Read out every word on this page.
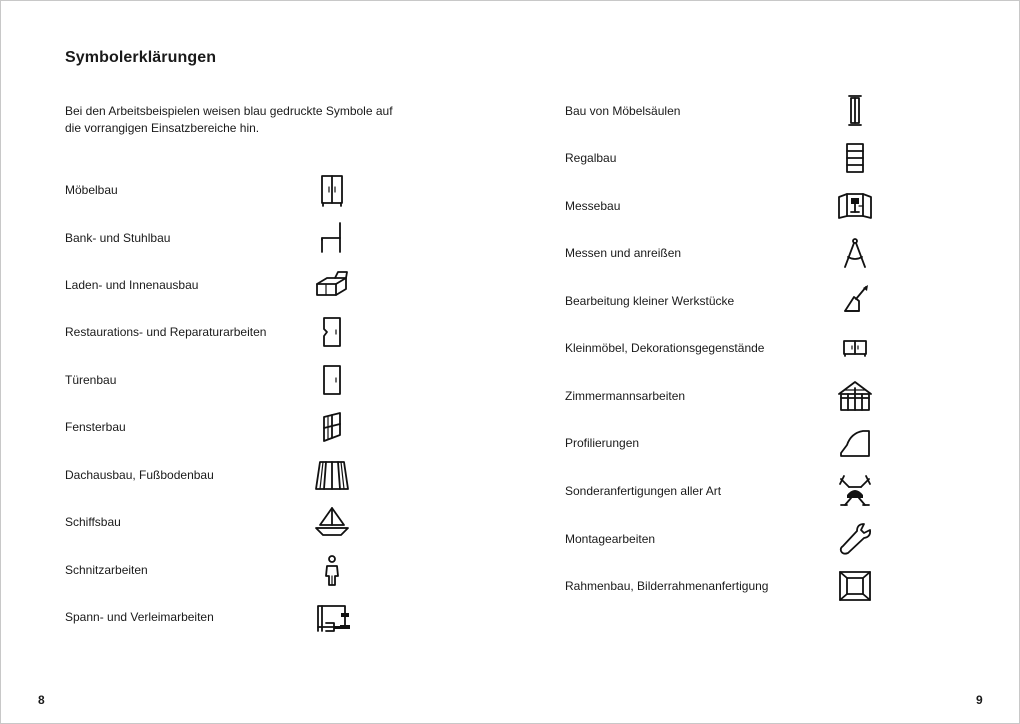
Symbolerklärungen
Bei den Arbeitsbeispielen weisen blau gedruckte Symbole auf die vorrangigen Einsatzbereiche hin.
Möbelbau
Bank- und Stuhlbau
Laden- und Innenausbau
Restaurations- und Reparaturarbeiten
Türenbau
Fensterbau
Dachausbau, Fußbodenbau
Schiffsbau
Schnitzarbeiten
Spann- und Verleimarbeiten
Bau von Möbelsäulen
Regalbau
Messebau
Messen und anreißen
Bearbeitung kleiner Werkstücke
Kleinmöbel, Dekorationsgegenstände
Zimmermannsarbeiten
Profilierungen
Sonderanfertigungen aller Art
Montagearbeiten
Rahmenbau, Bilderrahmenanfertigung
8	9
